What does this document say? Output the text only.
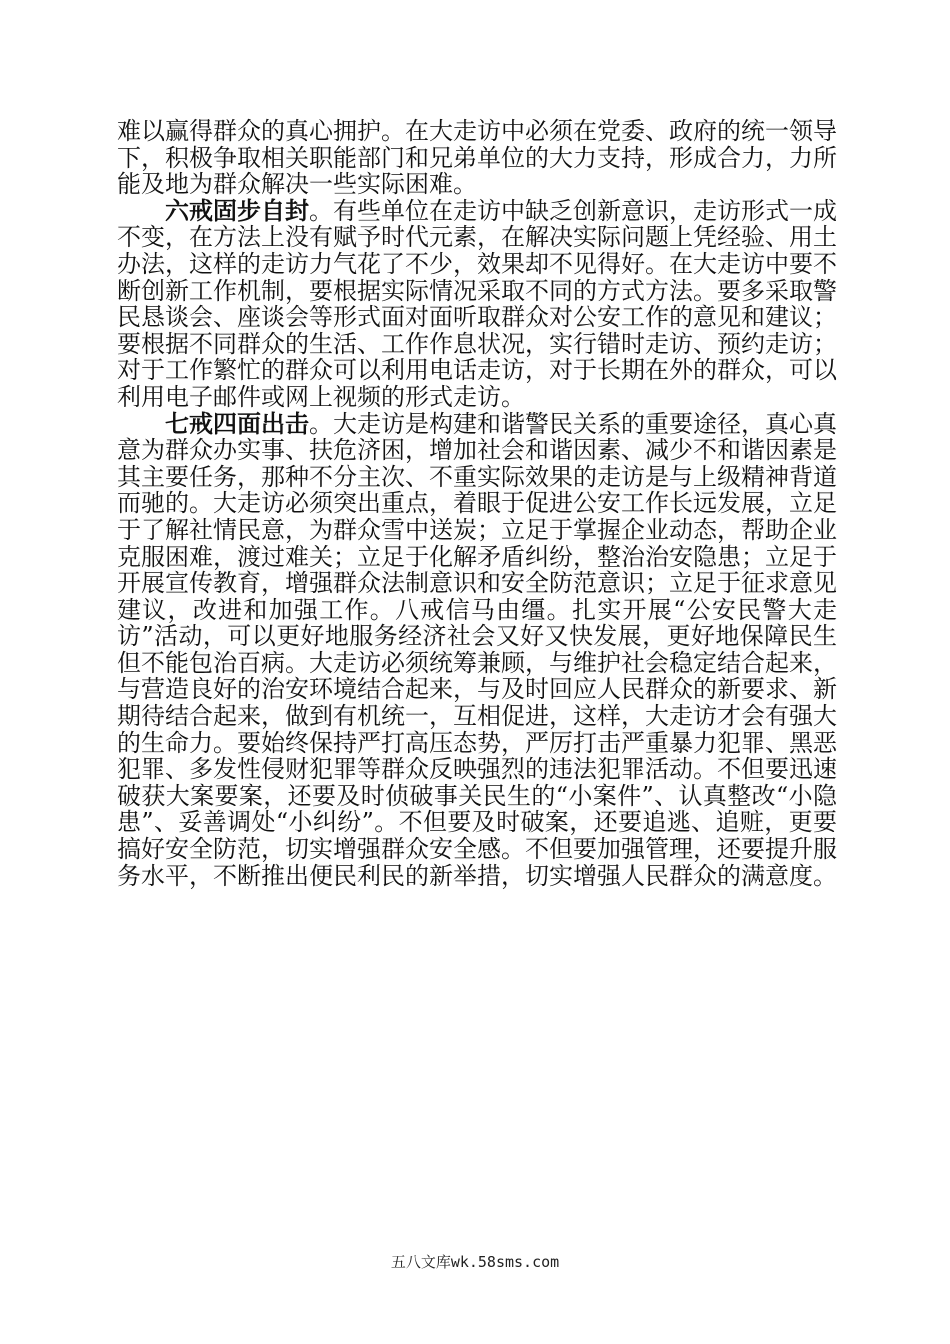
难以赢得群众的真心拥护。在大走访中必须在党委、政府的统一领导下，积极争取相关职能部门和兄弟单位的大力支持，形成合力，力所能及地为群众解决一些实际困难。

六戒固步自封。有些单位在走访中缺乏创新意识，走访形式一成不变，在方法上没有赋予时代元素，在解决实际问题上凭经验、用土办法，这样的走访力气花了不少，效果却不见得好。在大走访中要不断创新工作机制，要根据实际情况采取不同的方式方法。要多采取警民恳谈会、座谈会等形式面对面听取群众对公安工作的意见和建议；要根据不同群众的生活、工作作息状况，实行错时走访、预约走访；对于工作繁忙的群众可以利用电话走访，对于长期在外的群众，可以利用电子邮件或网上视频的形式走访。

七戒四面出击。大走访是构建和谐警民关系的重要途径，真心真意为群众办实事、扶危济困，增加社会和谐因素、减少不和谐因素是其主要任务，那种不分主次、不重实际效果的走访是与上级精神背道而驰的。大走访必须突出重点，着眼于促进公安工作长远发展，立足于了解社情民意，为群众雪中送炭；立足于掌握企业动态，帮助企业克服困难，渡过难关；立足于化解矛盾纠纷，整治治安隐患；立足于开展宣传教育，增强群众法制意识和安全防范意识；立足于征求意见建议，改进和加强工作。八戒信马由缰。扎实开展“公安民警大走访”活动，可以更好地服务经济社会又好又快发展，更好地保障民生但不能包治百病。大走访必须统筹兼顾，与维护社会稳定结合起来，与营造良好的治安环境结合起来，与及时回应人民群众的新要求、新期待结合起来，做到有机统一，互相促进，这样，大走访才会有强大的生命力。要始终保持严打高压态势，严厉打击严重暴力犯罪、黑恶犯罪、多发性侵财犯罪等群众反映强烈的违法犯罪活动。不但要迅速破获大案要案，还要及时侦破事关民生的“小案件”、认真整改“小隐患”、妥善调处“小纠纷”。不但要及时破案，还要追逃、追赃，更要搞好安全防范，切实增强群众安全感。不但要加强管理，还要提升服务水平，不断推出便民利民的新举措，切实增强人民群众的满意度。

五八文库wk.58sms.com
